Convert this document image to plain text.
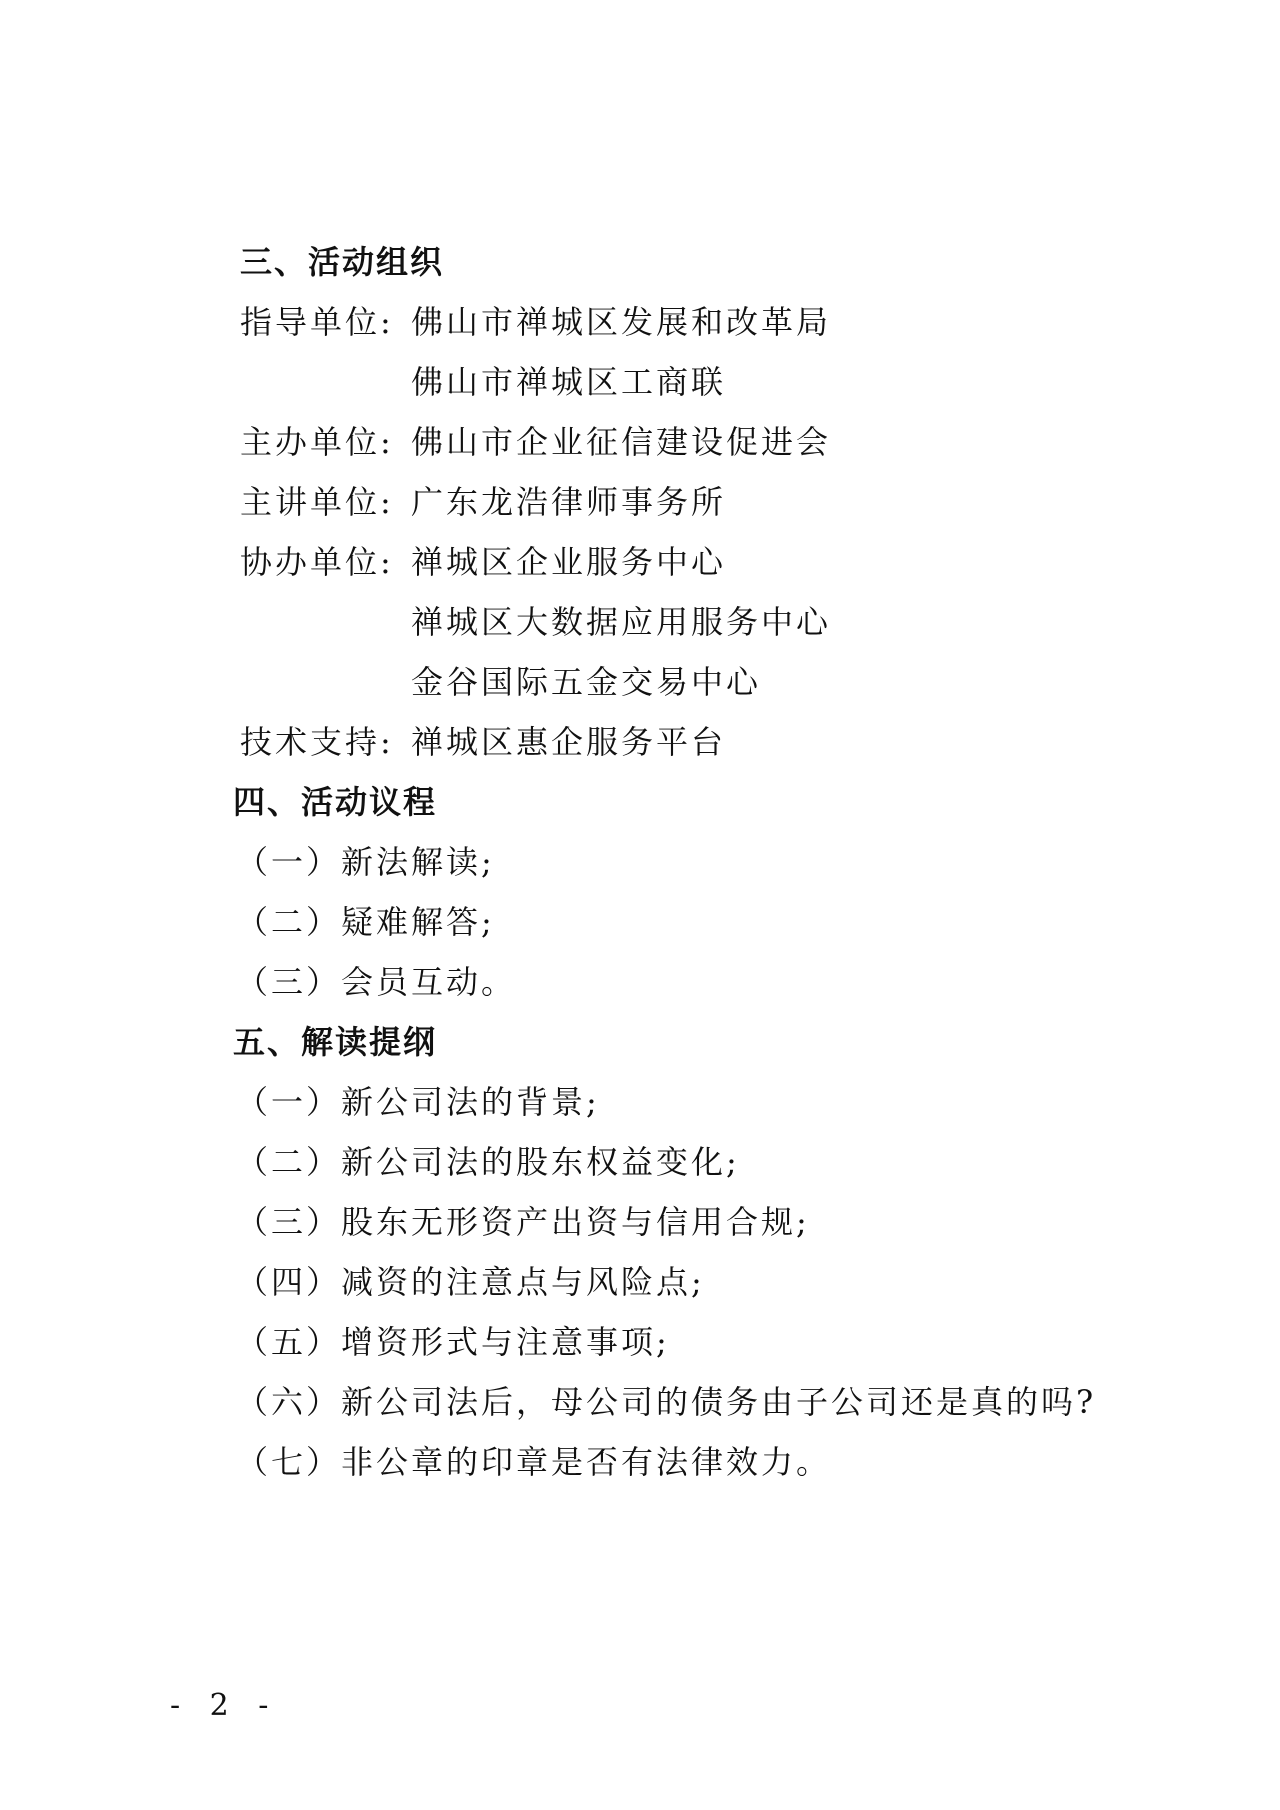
三、活动组织
指导单位: 佛山市禅城区发展和改革局
佛山市禅城区工商联
主办单位: 佛山市企业征信建设促进会
主讲单位: 广东龙浩律师事务所
协办单位: 禅城区企业服务中心
禅城区大数据应用服务中心
金谷国际五金交易中心
技术支持: 禅城区惠企服务平台
四、活动议程
（一）新法解读;
（二）疑难解答;
（三）会员互动。
五、解读提纲
（一）新公司法的背景;
（二）新公司法的股东权益变化;
（三）股东无形资产出资与信用合规;
（四）减资的注意点与风险点;
（五）增资形式与注意事项;
（六）新公司法后，母公司的债务由子公司还是真的吗?
（七）非公章的印章是否有法律效力。
- 2 -
